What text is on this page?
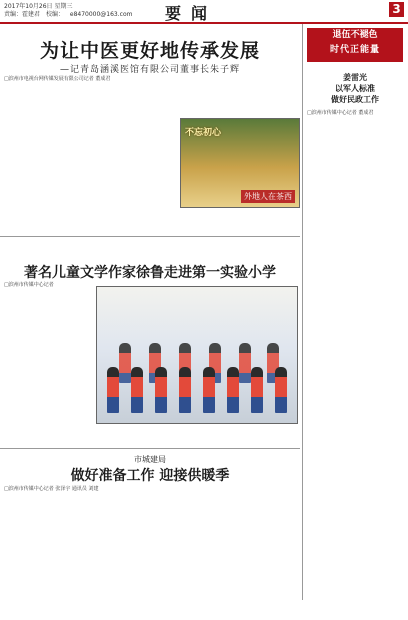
2017年10月26日 星期三
责编：霍建君 校编： e8470000@163.com 要闻	3
为让中医更好地传承发展
—记青岛涵溪医馆有限公司董事长朱子辉
□滨州市电视台网传媒发展有限公司记者 董成君

不忘初心
外地人在茶西
著名儿童文学作家徐鲁走进第一实验小学
□滨州市传媒中心记者

市城建局
做好准备工作 迎接供暖季
□滨州市传媒中心记者 张泽宇 通讯员 刘建

退伍不褪色
时代正能量
姜雷光
以军人标准
做好民政工作
□滨州市传媒中心记者 董成君
